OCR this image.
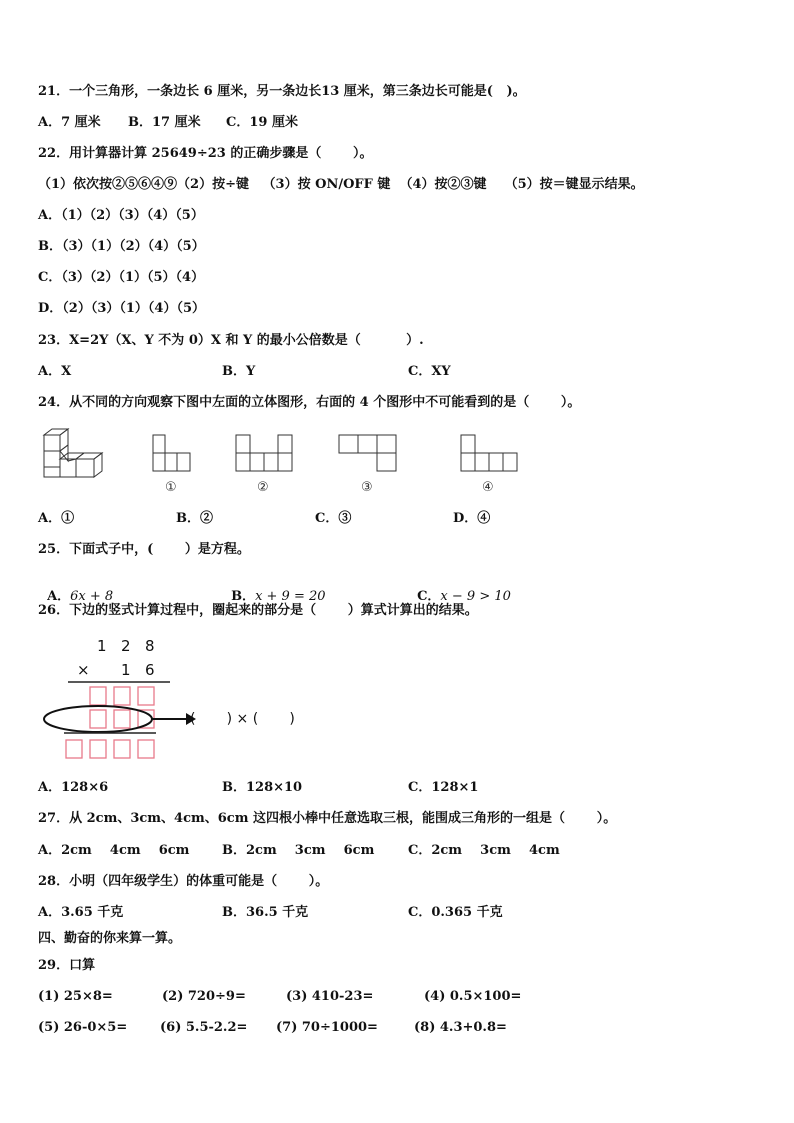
21．一个三角形，一条边长 6 厘米，另一条边长13 厘米，第三条边长可能是(   )。
A．7 厘米 B．17 厘米 C．19 厘米
22．用计算器计算 25649÷23 的正确步骤是（       ）。
（1）依次按②⑤⑥④⑨（2）按÷键   （3）按 ON/OFF 键  （4）按②③键    （5）按＝键显示结果。
A．（1）（2）（3）（4）（5）
B．（3）（1）（2）（4）（5）
C．（3）（2）（1）（5）（4）
D．（2）（3）（1）（4）（5）
23．X=2Y（X、Y 不为 0）X 和 Y 的最小公倍数是（          ）.
A．X	B．Y	C．XY
24．从不同的方向观察下图中左面的立体图形，右面的 4 个图形中不可能看到的是（       ）。
①	②	③	④
A．①	B．②	C．③	D．④
25．下面式子中，(       ）是方程。

A．6x + 8	B．x + 9 = 20	C．x − 9 > 10

26．下边的竖式计算过程中，圈起来的部分是（       ）算式计算出的结果。
1 2 8
× 1 6
(       ) × (       )
A．128×6	B．128×10	C．128×1
27．从 2cm、3cm、4cm、6cm 这四根小棒中任意选取三根，能围成三角形的一组是（       ）。
A．2cm    4cm    6cm	B．2cm    3cm    6cm	C．2cm    3cm    4cm
28．小明（四年级学生）的体重可能是（       ）。
A．3.65 千克	B．36.5 千克	C．0.365 千克
四、勤奋的你来算一算。
29．口算
(1) 25×8=	(2) 720÷9=	(3) 410-23=	(4) 0.5×100=
(5) 26-0×5=	(6) 5.5-2.2= (7) 70÷1000=	(8) 4.3+0.8=
